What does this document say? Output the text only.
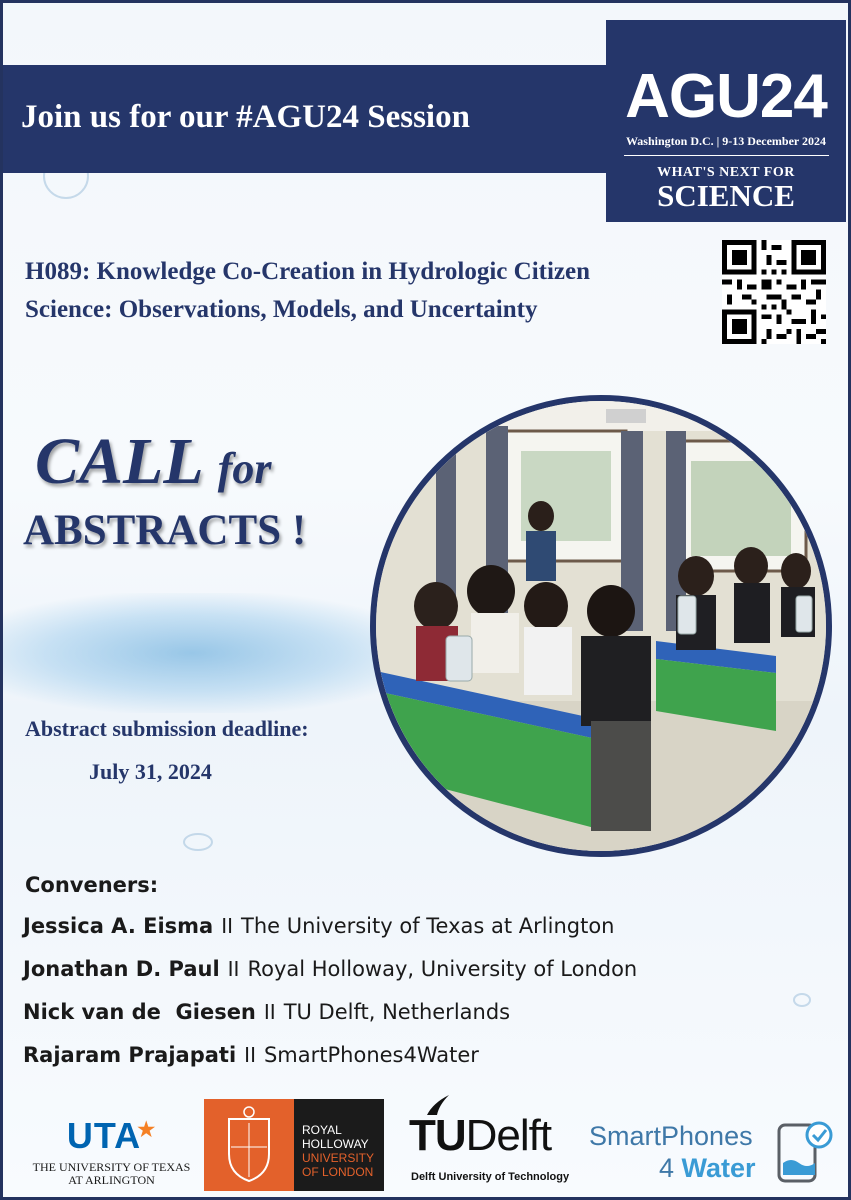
Join us for our #AGU24 Session	AGU24
Washington D.C. | 9-13 December 2024
WHAT'S NEXT FOR
SCIENCE
H089: Knowledge Co-Creation in Hydrologic Citizen
Science: Observations, Models, and Uncertainty
CALL for
ABSTRACTS !
Abstract submission deadline:
July 31, 2024
Conveners:
Jessica A. Eisma II The University of Texas at Arlington
Jonathan D. Paul II Royal Holloway, University of London
Nick van de  Giesen II TU Delft, Netherlands
Rajaram Prajapati II SmartPhones4Water
UTA★
THE UNIVERSITY OF TEXAS
AT ARLINGTON
ROYAL
HOLLOWAY
UNIVERSITY
OF LONDON
TUDelft
Delft University of Technology
SmartPhones
4 Water
